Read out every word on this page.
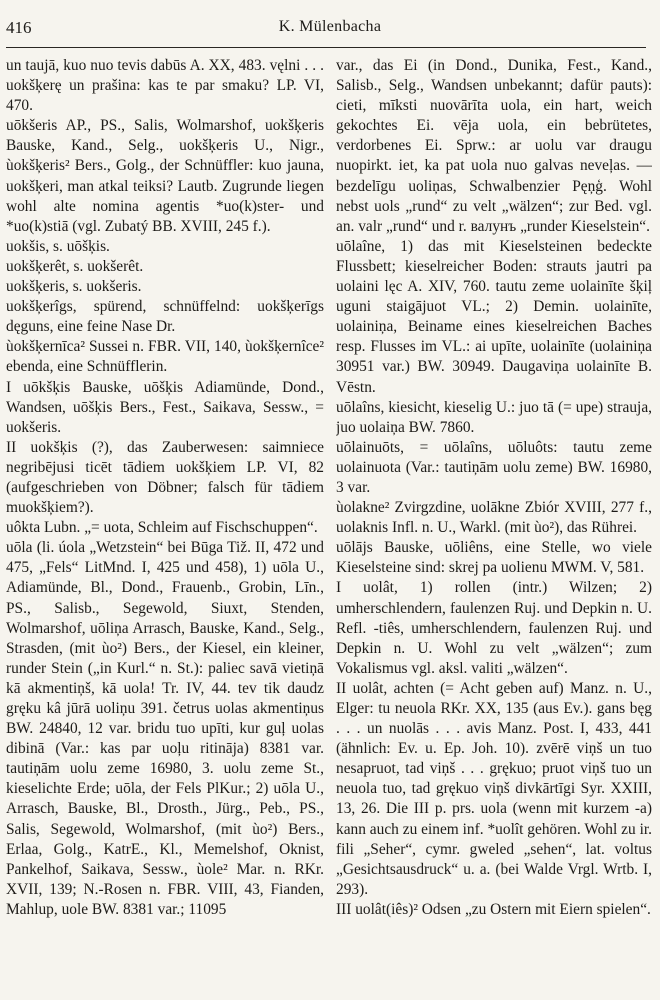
416	K. Mülenbacha

un taujā, kuo nuo tevis dabūs A. XX, 483. vęlni . . . uokšķerę un prašina: kas te par smaku? LP. VI, 470.

uōkšeris AP., PS., Salis, Wolmarshof, uokšķeris Bauske, Kand., Selg., uokšķeris U., Nigr., ùokšķeris² Bers., Golg., der Schnüffler: kuo jauna, uokšķeri, man atkal teiksi? Lautb. Zugrunde liegen wohl alte nomina agentis *uo(k)ster- und *uo(k)stiā (vgl. Zubatý BB. XVIII, 245 f.).

uokšis, s. uōšķis.

uokšķerêt, s. uokšerêt.

uokšķeris, s. uokšeris.

uokšķerîgs, spürend, schnüffelnd: uokšķerīgs dęguns, eine feine Nase Dr.

ùokšķernīca² Sussei n. FBR. VII, 140, ùokšķernîce² ebenda, eine Schnüfflerin.

I uōkšķis Bauske, uōšķis Adiamünde, Dond., Wandsen, uōšķis Bers., Fest., Saikava, Sessw., = uokšeris.

II uokšķis (?), das Zauberwesen: saimniece negribējusi ticēt tādiem uokšķiem LP. VI, 82 (aufgeschrieben von Döbner; falsch für tādiem muokšķiem?).

uôkta Lubn. „= uota, Schleim auf Fischschuppen“.

uōla (li. úola „Wetzstein“ bei Būga Tiž. II, 472 und 475, „Fels“ LitMnd. I, 425 und 458), 1) uōla U., Adiamünde, Bl., Dond., Frauenb., Grobin, Līn., PS., Salisb., Segewold, Siuxt, Stenden, Wolmarshof, uōliņa Arrasch, Bauske, Kand., Selg., Strasden, (mit ùo²) Bers., der Kiesel, ein kleiner, runder Stein („in Kurl.“ n. St.): paliec savā vietiņā kā akmentiņš, kā uola! Tr. IV, 44. tev tik daudz gręku kâ jūrā uoliņu 391. četrus uolas akmentiņus BW. 24840, 12 var. bridu tuo upīti, kur guļ uolas dibinā (Var.: kas par uoļu ritināja) 8381 var. tautiņām uolu zeme 16980, 3. uolu zeme St., kieselichte Erde; uōla, der Fels PlKur.; 2) uōla U., Arrasch, Bauske, Bl., Drosth., Jürg., Peb., PS., Salis, Segewold, Wolmarshof, (mit ùo²) Bers., Erlaa, Golg., KatrE., Kl., Memelshof, Oknist, Pankelhof, Saikava, Sessw., ùole² Mar. n. RKr. XVII, 139; N.-Rosen n. FBR. VIII, 43, Fianden, Mahlup, uole BW. 8381 var.; 11095

var., das Ei (in Dond., Dunika, Fest., Kand., Salisb., Selg., Wandsen unbekannt; dafür pauts): cieti, mīksti nuovārīta uola, ein hart, weich gekochtes Ei. vēja uola, ein bebrütetes, verdorbenes Ei. Sprw.: ar uolu var draugu nuopirkt. iet, ka pat uola nuo galvas neveļas. — bezdelīgu uoliņas, Schwalbenzier Pęņģ. Wohl nebst uols „rund“ zu velt „wälzen“; zur Bed. vgl. an. valr „rund“ und r. валунъ „runder Kieselstein“.

uōlaîne, 1) das mit Kieselsteinen bedeckte Flussbett; kieselreicher Boden: strauts jautri pa uolaini lęc A. XIV, 760. tautu zeme uolainīte šķiļ uguni staigājuot VL.; 2) Demin. uolainīte, uolainiņa, Beiname eines kieselreichen Baches resp. Flusses im VL.: ai upīte, uolainīte (uolainiņa 30951 var.) BW. 30949. Daugaviņa uolainīte B. Vēstn.

uōlaîns, kiesicht, kieselig U.: juo tā (= upe) strauja, juo uolaiņa BW. 7860.

uōlainuōts, = uōlaîns, uōluôts: tautu zeme uolainuota (Var.: tautiņām uolu zeme) BW. 16980, 3 var.

ùolakne² Zvirgzdine, uolākne Zbiór XVIII, 277 f., uolaknis Infl. n. U., Warkl. (mit ùo²), das Rührei.

uōlājs Bauske, uōliêns, eine Stelle, wo viele Kieselsteine sind: skrej pa uolienu MWM. V, 581.

I uolât, 1) rollen (intr.) Wilzen; 2) umherschlendern, faulenzen Ruj. und Depkin n. U. Refl. -tiês, umherschlendern, faulenzen Ruj. und Depkin n. U. Wohl zu velt „wälzen“; zum Vokalismus vgl. aksl. valiti „wälzen“.

II uolât, achten (= Acht geben auf) Manz. n. U., Elger: tu neuola RKr. XX, 135 (aus Ev.). gans bęg . . . un nuolās . . . avis Manz. Post. I, 433, 441 (ähnlich: Ev. u. Ep. Joh. 10). zvērē viņš un tuo nesapruot, tad viņš . . . grękuo; pruot viņš tuo un neuola tuo, tad grękuo viņš divkārtīgi Syr. XXIII, 13, 26. Die III p. prs. uola (wenn mit kurzem -a) kann auch zu einem inf. *uolît gehören. Wohl zu ir. fili „Seher“, cymr. gweled „sehen“, lat. voltus „Gesichtsausdruck“ u. a. (bei Walde Vrgl. Wrtb. I, 293).

III uolât(iês)² Odsen „zu Ostern mit Eiern spielen“.
